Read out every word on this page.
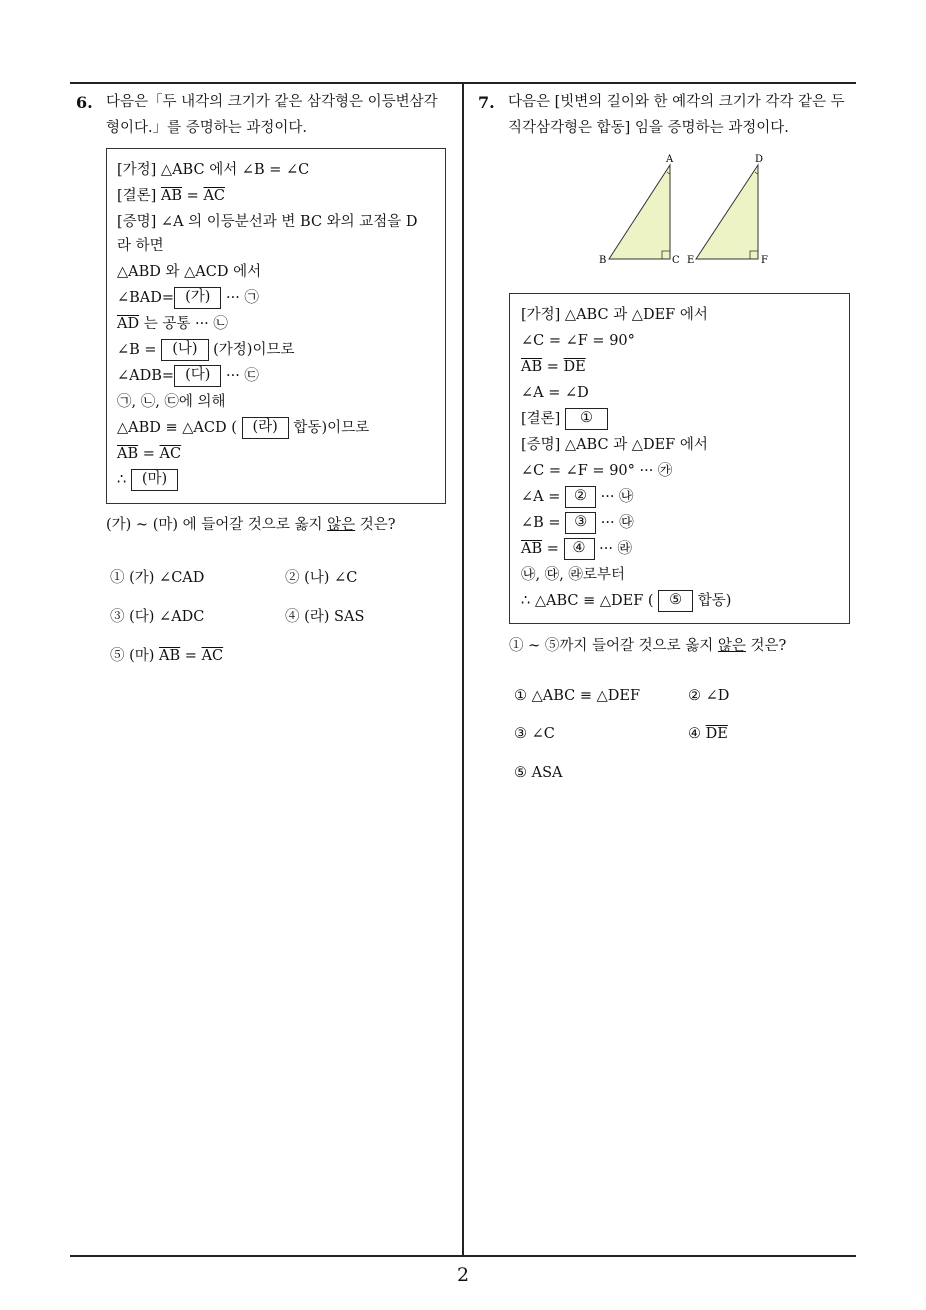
6. 다음은「두 내각의 크기가 같은 삼각형은 이등변삼각
형이다.」를 증명하는 과정이다.
[가정] △ABC 에서 ∠B = ∠C
[결론] $\overline{AB} = \overline{AC}$
[증명] ∠A 의 이등분선과 변 BC 와의 교점을 D
라 하면
△ABD 와 △ACD 에서
∠BAD= (가) ··· ㉠
$\overline{AD}$ 는 공통 ··· ㉡
∠B = (나) (가정)이므로
∠ADB= (다) ··· ㉢
㉠, ㉡, ㉢에 의해
△ABD ≡ △ACD ( (라) 합동)이므로
$\overline{AB} = \overline{AC}$
∴ (마)
(가) ~ (마) 에 들어갈 것으로 옳지 않은 것은?
① (가) ∠CAD	② (나) ∠C
③ (다) ∠ADC	④ (라) SAS
⑤ (마) $\overline{AB} = \overline{AC}$
7. 다음은 [빗변의 길이와 한 예각의 크기가 각각 같은 두
직각삼각형은 합동] 임을 증명하는 과정이다.
A
B	C
D
E	F
[가정] △ABC 과 △DEF 에서
∠C = ∠F = 90°
$\overline{AB} = \overline{DE}$
∠A = ∠D
[결론] ①
[증명] △ABC 과 △DEF 에서
∠C = ∠F = 90° ··· ㉮
∠A = ② ··· ㉯
∠B = ③ ··· ㉰
$\overline{AB}$ = ④ ··· ㉱
㉯, ㉰, ㉱로부터
∴ △ABC ≡ △DEF ( ⑤ 합동)
① ~ ⑤까지 들어갈 것으로 옳지 않은 것은?
① △ABC ≡ △DEF	② ∠D
③ ∠C	④ $\overline{DE}$
⑤ ASA
2
